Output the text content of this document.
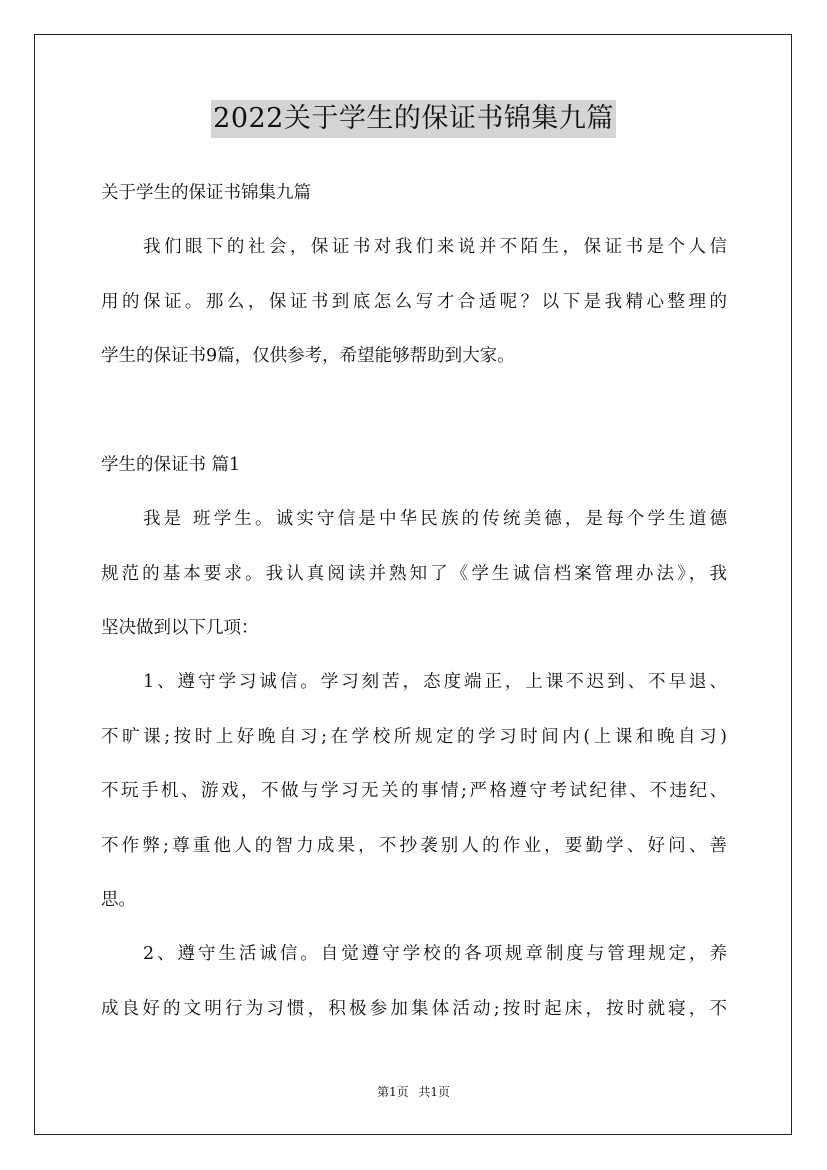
2022关于学生的保证书锦集九篇
关于学生的保证书锦集九篇
我们眼下的社会，保证书对我们来说并不陌生，保证书是个人信
用的保证。那么，保证书到底怎么写才合适呢？以下是我精心整理的
学生的保证书9篇，仅供参考，希望能够帮助到大家。
学生的保证书 篇1
我是 班学生。诚实守信是中华民族的传统美德，是每个学生道德
规范的基本要求。我认真阅读并熟知了《学生诚信档案管理办法》，我
坚决做到以下几项：
1、遵守学习诚信。学习刻苦，态度端正，上课不迟到、不早退、
不旷课;按时上好晚自习;在学校所规定的学习时间内(上课和晚自习)
不玩手机、游戏，不做与学习无关的事情;严格遵守考试纪律、不违纪、
不作弊;尊重他人的智力成果，不抄袭别人的作业，要勤学、好问、善
思。
2、遵守生活诚信。自觉遵守学校的各项规章制度与管理规定，养
成良好的文明行为习惯，积极参加集体活动;按时起床，按时就寝，不
第1页 共1页
